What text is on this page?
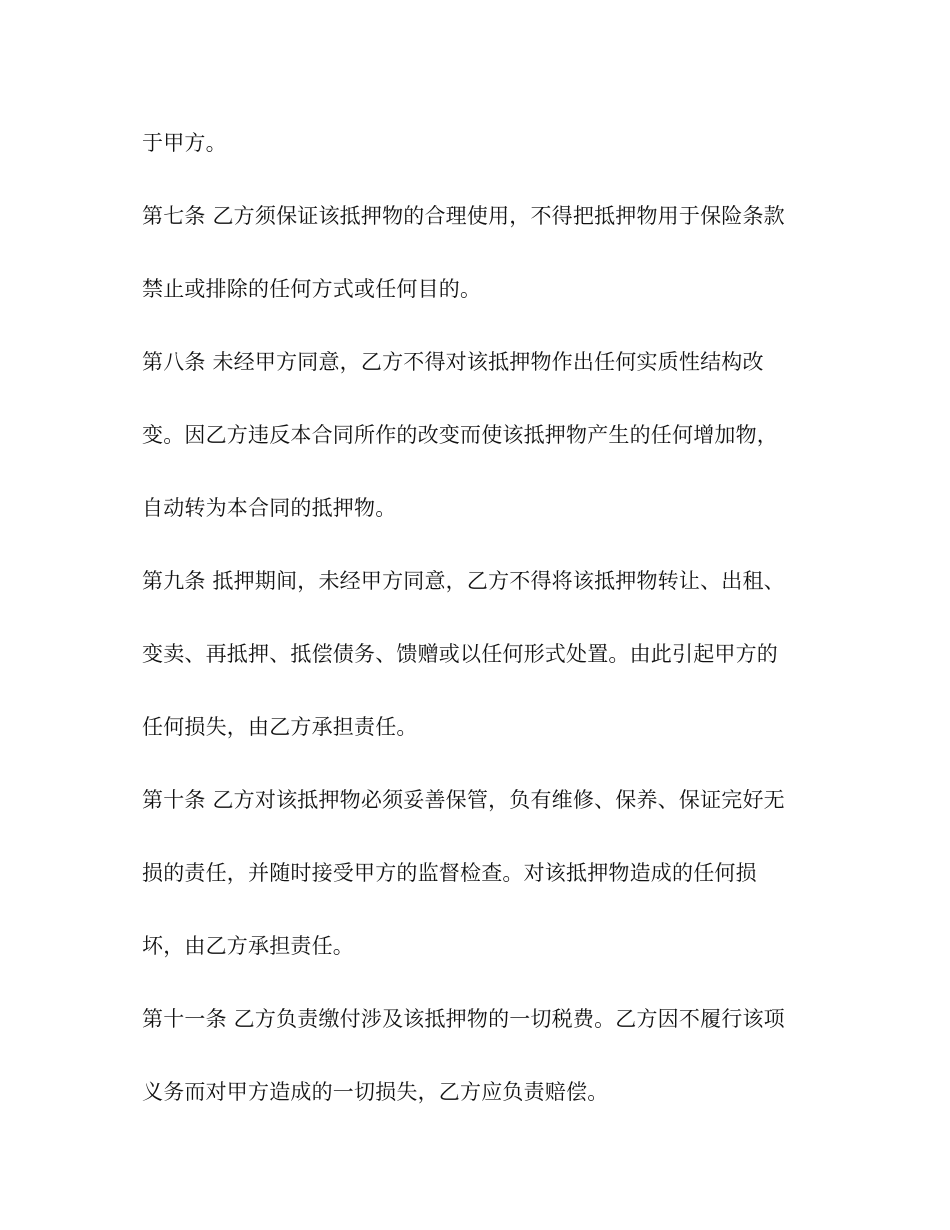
于甲方。
第七条 乙方须保证该抵押物的合理使用，不得把抵押物用于保险条款
禁止或排除的任何方式或任何目的。
第八条 未经甲方同意，乙方不得对该抵押物作出任何实质性结构改
变。因乙方违反本合同所作的改变而使该抵押物产生的任何增加物，
自动转为本合同的抵押物。
第九条 抵押期间，未经甲方同意，乙方不得将该抵押物转让、出租、
变卖、再抵押、抵偿债务、馈赠或以任何形式处置。由此引起甲方的
任何损失，由乙方承担责任。
第十条 乙方对该抵押物必须妥善保管，负有维修、保养、保证完好无
损的责任，并随时接受甲方的监督检查。对该抵押物造成的任何损
坏，由乙方承担责任。
第十一条 乙方负责缴付涉及该抵押物的一切税费。乙方因不履行该项
义务而对甲方造成的一切损失，乙方应负责赔偿。
